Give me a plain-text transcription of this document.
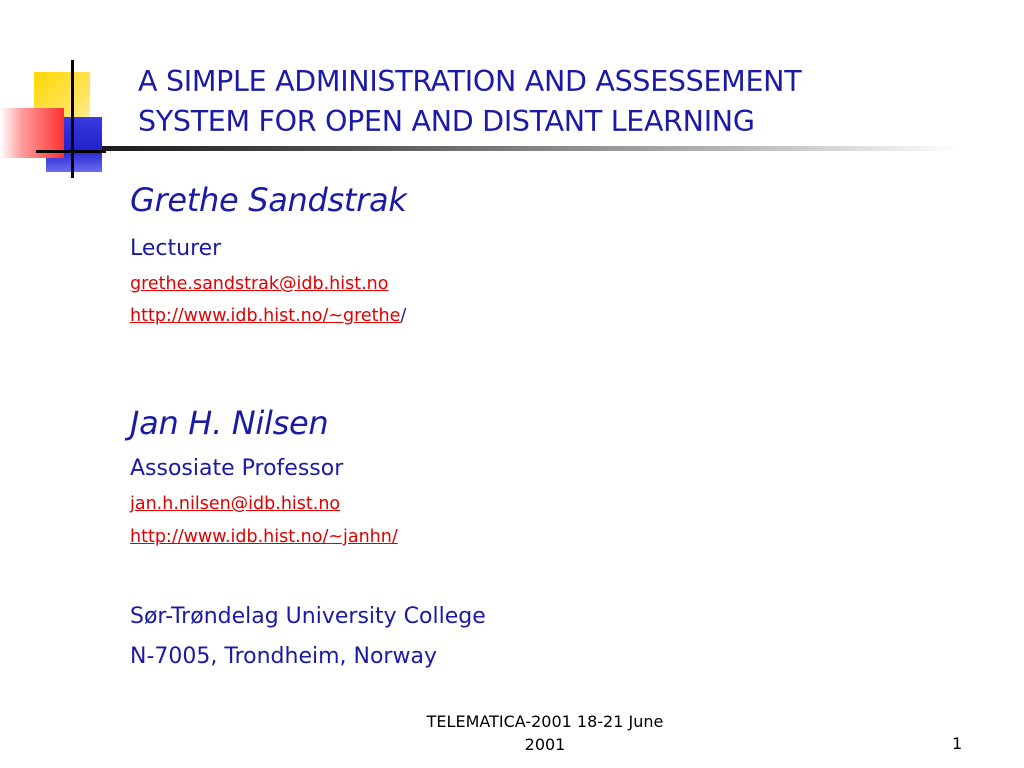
A SIMPLE ADMINISTRATION AND ASSESSEMENT
SYSTEM FOR OPEN AND DISTANT LEARNING
Grethe Sandstrak
Lecturer
grethe.sandstrak@idb.hist.no
http://www.idb.hist.no/~grethe/
Jan H. Nilsen
Assosiate Professor
jan.h.nilsen@idb.hist.no
http://www.idb.hist.no/~janhn/
Sør-Trøndelag University College
N-7005, Trondheim, Norway
TELEMATICA-2001 18-21 June
2001	1
